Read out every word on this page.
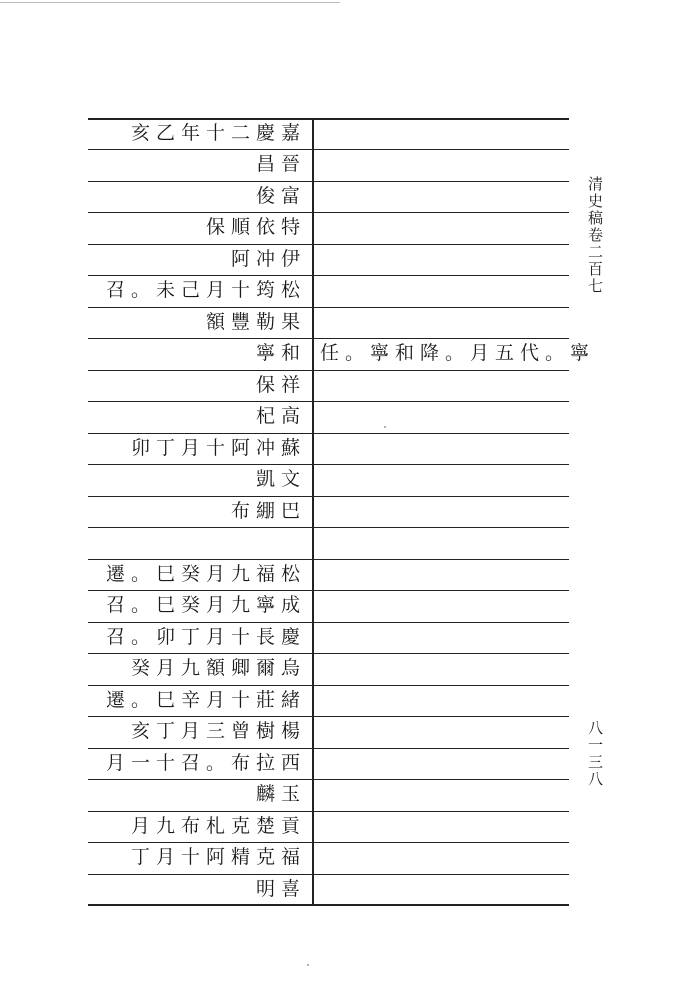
亥乙年十二慶嘉
昌晉
俊富
保順依特
阿冲伊
召。未己月十筠松
額豐勒果
寧和 任。寧和降。月五代。寧
保祥
杞高
卯丁月十阿冲蘇
凱文
布綳巴
遷。巳癸月九福松
召。巳癸月九寧成
召。卯丁月十長慶
癸月九額卿爾烏
遷。巳辛月十莊緒
亥丁月三曾樹楊
月一十召。布拉西
麟玉
月九布札克楚貢
丁月十阿精克福
明喜
清史稿卷二百七
八一三八
